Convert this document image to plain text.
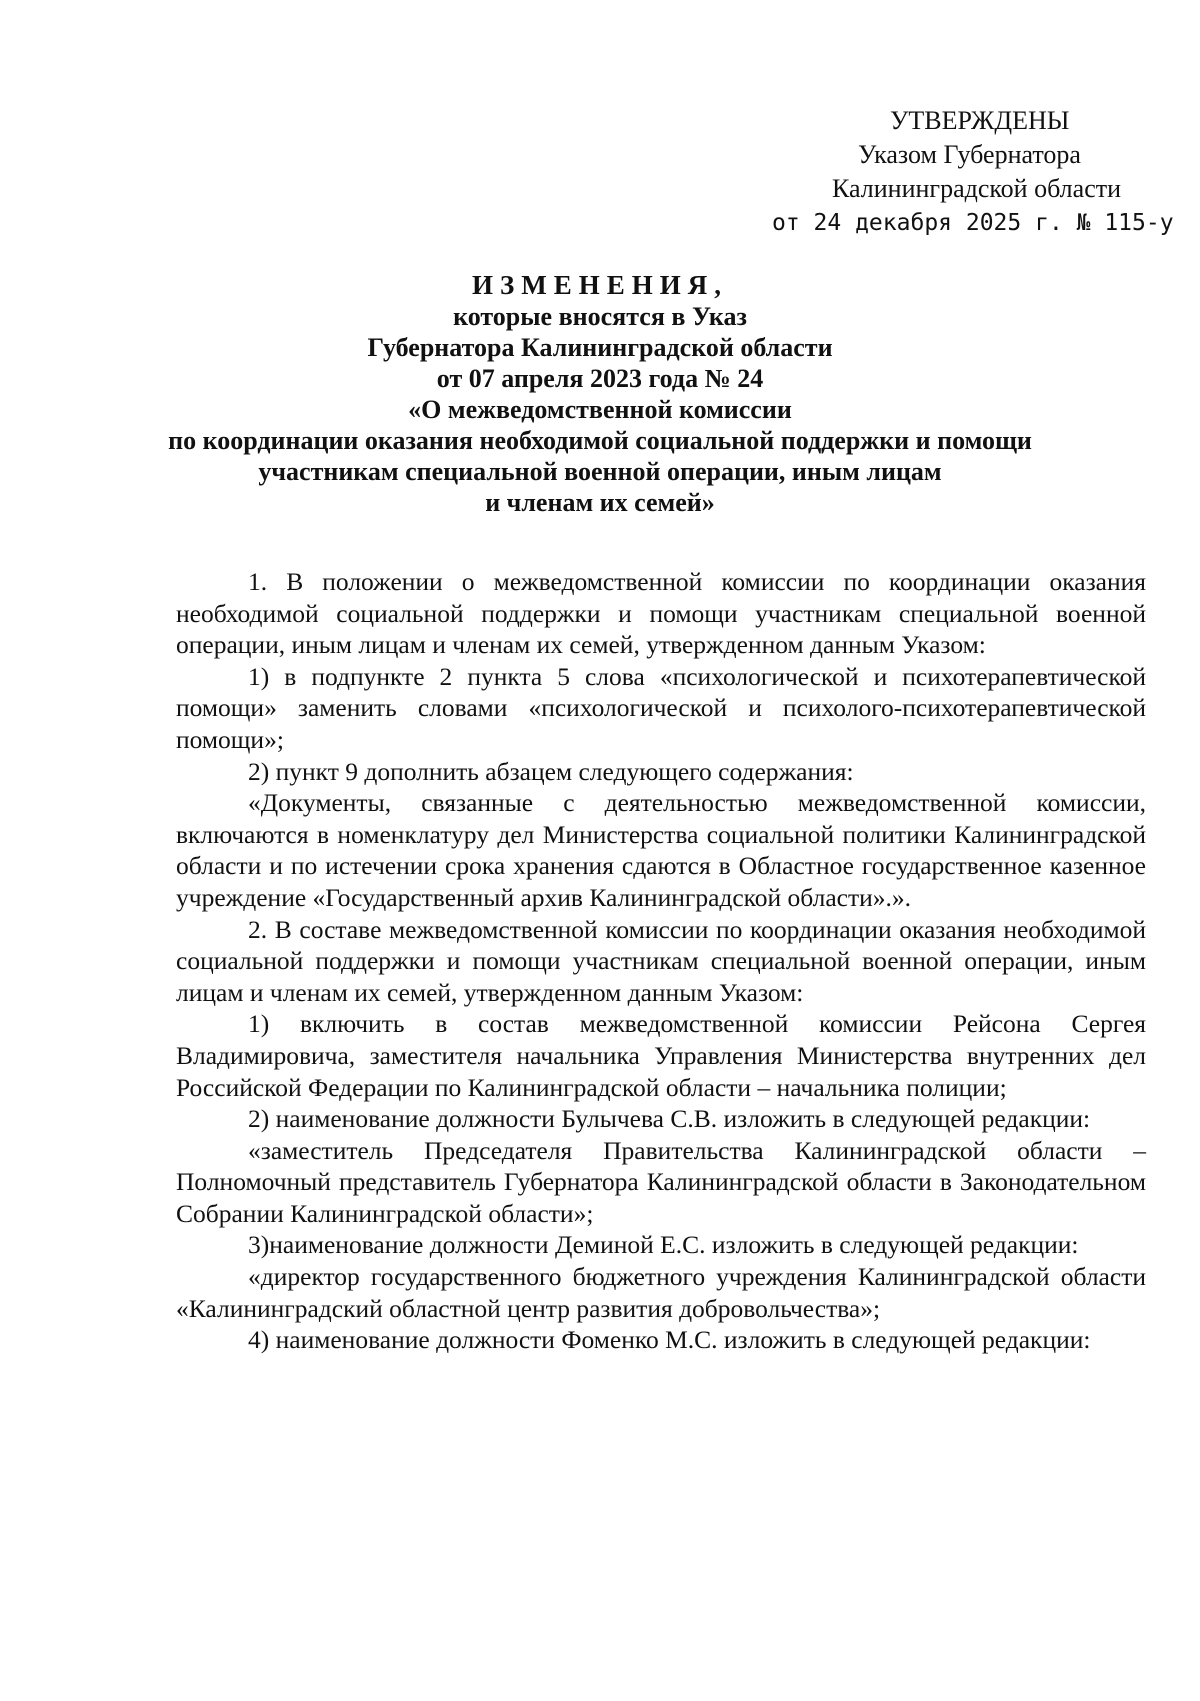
УТВЕРЖДЕНЫ
Указом Губернатора
Калининградской области
от 24 декабря 2025 г. № 115-у
ИЗМЕНЕНИЯ,
которые вносятся в Указ
Губернатора Калининградской области
от 07 апреля 2023 года № 24
«О межведомственной комиссии
по координации оказания необходимой социальной поддержки и помощи
участникам специальной военной операции, иным лицам
и членам их семей»

1. В положении о межведомственной комиссии по координации оказания необходимой социальной поддержки и помощи участникам специальной военной операции, иным лицам и членам их семей, утвержденном данным Указом:

1) в подпункте 2 пункта 5 слова «психологической и психотерапевтической помощи» заменить словами «психологической и психолого-психотерапевтической помощи»;

2) пункт 9 дополнить абзацем следующего содержания:

«Документы, связанные с деятельностью межведомственной комиссии, включаются в номенклатуру дел Министерства социальной политики Калининградской области и по истечении срока хранения сдаются в Областное государственное казенное учреждение «Государственный архив Калининградской области».».

2. В составе межведомственной комиссии по координации оказания необходимой социальной поддержки и помощи участникам специальной военной операции, иным лицам и членам их семей, утвержденном данным Указом:

1) включить в состав межведомственной комиссии Рейсона Сергея Владимировича, заместителя начальника Управления Министерства внутренних дел Российской Федерации по Калининградской области – начальника полиции;

2) наименование должности Булычева С.В. изложить в следующей редакции:

«заместитель Председателя Правительства Калининградской области – Полномочный представитель Губернатора Калининградской области в Законодательном Собрании Калининградской области»;

3)наименование должности Деминой Е.С. изложить в следующей редакции:

«директор государственного бюджетного учреждения Калининградской области «Калининградский областной центр развития добровольчества»;

4) наименование должности Фоменко М.С. изложить в следующей редакции:
